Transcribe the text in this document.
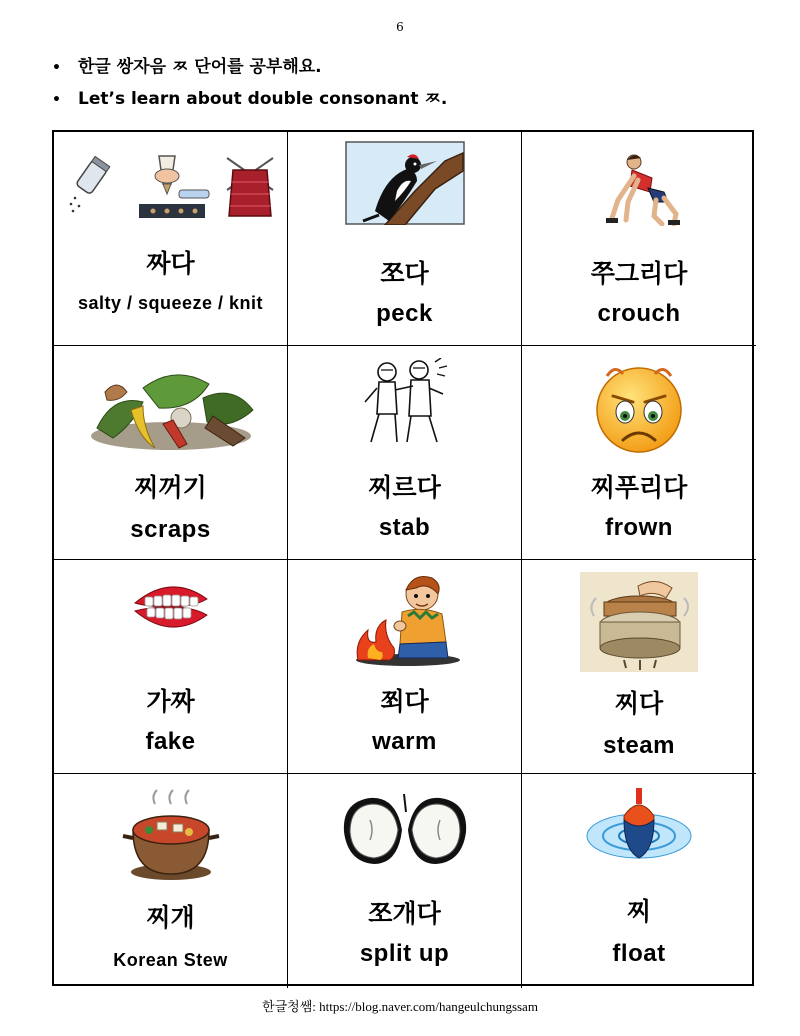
6
• 한글 쌍자음 ㅉ 단어를 공부해요.
• Let’s learn about double consonant ㅉ.
짜다
salty / squeeze / knit
쪼다
peck
쭈그리다
crouch
찌꺼기
scraps
찌르다
stab
찌푸리다
frown
가짜
fake
쬐다
warm
찌다
steam
찌개
Korean Stew
쪼개다
split up
찌
float
한글청쌤: https://blog.naver.com/hangeulchungssam
